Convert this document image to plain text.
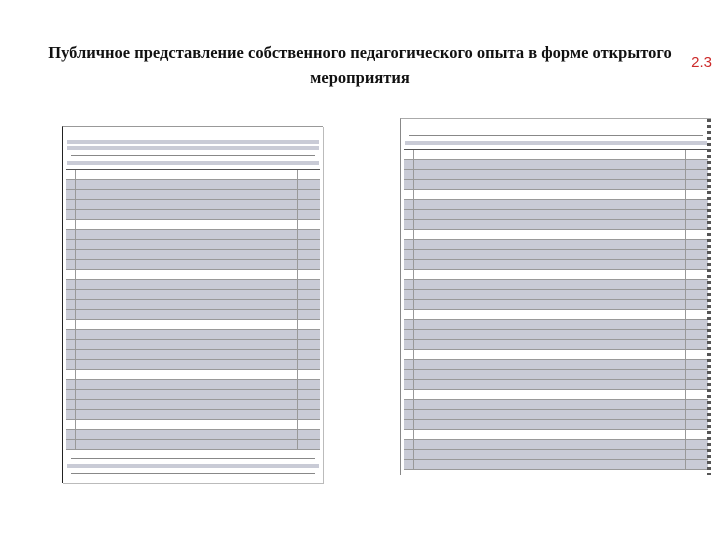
Публичное представление собственного педагогического опыта в форме открытого мероприятия
2.3
